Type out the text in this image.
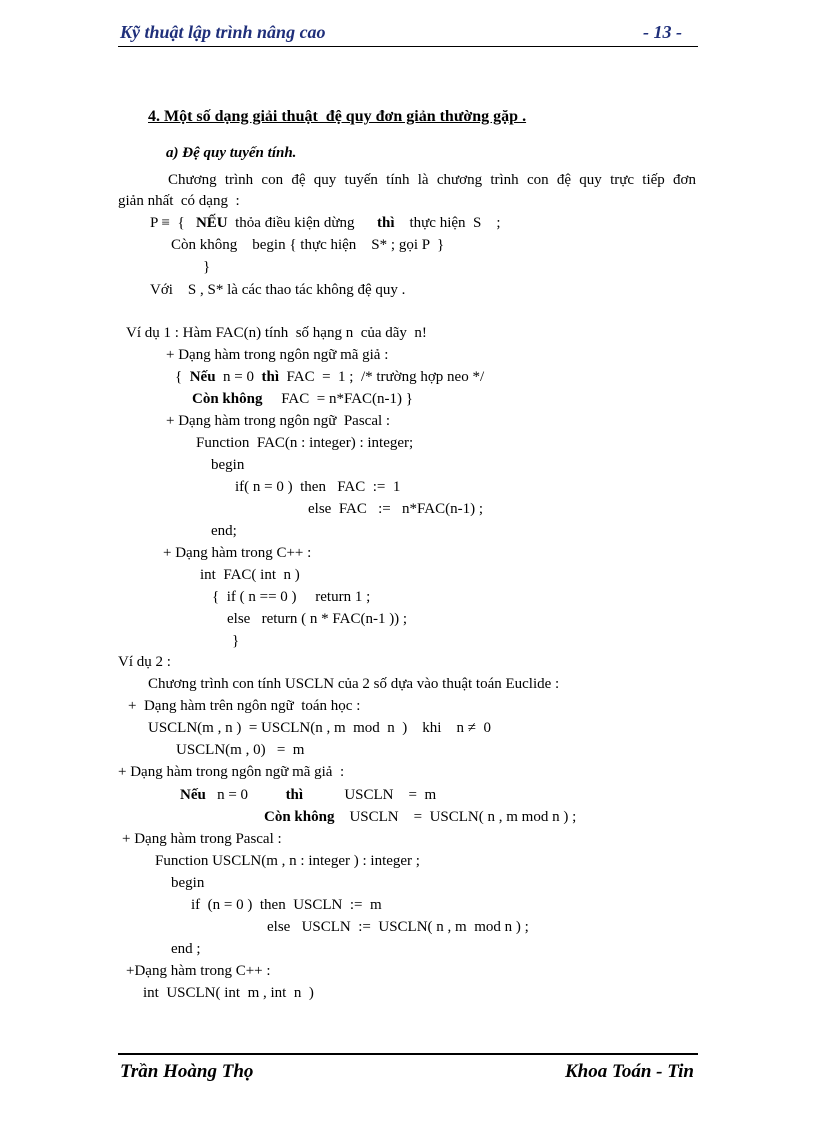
Kỹ thuật lập trình nâng cao	- 13 -
4. Một số dạng giải thuật  đệ quy đơn giản thường gặp .
a) Đệ quy tuyến tính.
Chương trình con đệ quy tuyến tính là chương trình con đệ quy trực tiếp đơn
giản nhất  có dạng  :
P ≡  {   NẾU  thỏa điều kiện dừng      thì    thực hiện  S    ;
Còn không    begin { thực hiện    S* ; gọi P  }
}
Với    S , S* là các thao tác không đệ quy .
Ví dụ 1 : Hàm FAC(n) tính  số hạng n  của dãy  n!
+ Dạng hàm trong ngôn ngữ mã giả :
{  Nếu  n = 0  thì  FAC  =  1 ;  /* trường hợp neo */
Còn không     FAC  = n*FAC(n-1) }
+ Dạng hàm trong ngôn ngữ  Pascal :
Function  FAC(n : integer) : integer;
begin
if( n = 0 )  then   FAC  :=  1
else  FAC   :=   n*FAC(n-1) ;
end;
+ Dạng hàm trong C++ :
int  FAC( int  n )
{  if ( n == 0 )     return 1 ;
else   return ( n * FAC(n-1 )) ;
}
Ví dụ 2 :
Chương trình con tính USCLN của 2 số dựa vào thuật toán Euclide :
+  Dạng hàm trên ngôn ngữ  toán học :
USCLN(m , n )  = USCLN(n , m  mod  n  )    khi    n ≠  0
USCLN(m , 0)   =  m
+ Dạng hàm trong ngôn ngữ mã giả  :
Nếu   n = 0          thì           USCLN    =  m
Còn không    USCLN    =  USCLN( n , m mod n ) ;
+ Dạng hàm trong Pascal :
Function USCLN(m , n : integer ) : integer ;
begin
if  (n = 0 )  then  USCLN  :=  m
else   USCLN  :=  USCLN( n , m  mod n ) ;
end ;
+Dạng hàm trong C++ :
int  USCLN( int  m , int  n  )
Trần Hoàng Thọ	Khoa Toán - Tin
